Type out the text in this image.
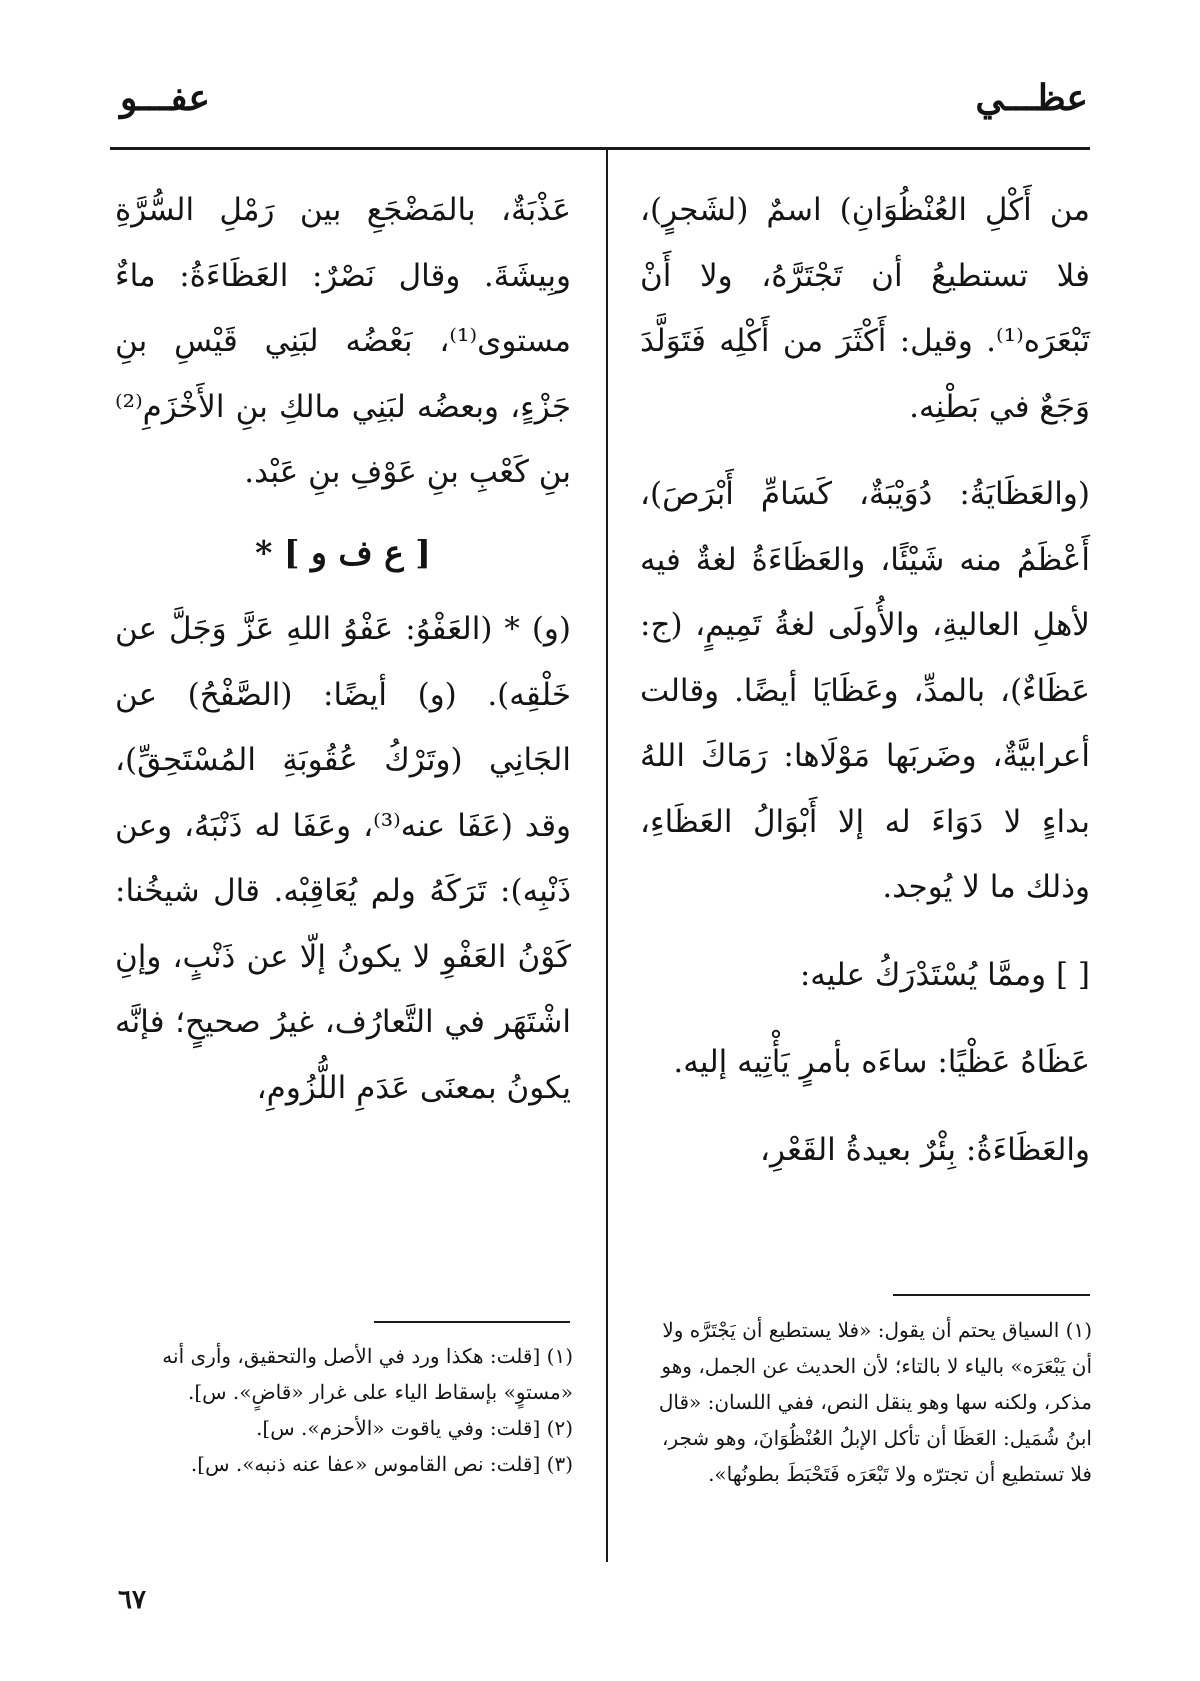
عظـــي
عفـــو

من أَكْلِ العُنْظُوَانِ) اسمٌ (لشَجرٍ)، فلا تستطيعُ أن تَجْتَرَّهُ، ولا أَنْ تَبْعَرَه⁽¹⁾. وقيل: أَكْثَرَ من أَكْلِه فَتَوَلَّدَ وَجَعٌ في بَطْنِه.

(والعَظَايَةُ: دُوَيْبَةٌ، كَسَامِّ أَبْرَصَ)، أَعْظَمُ منه شَيْئًا، والعَظَاءَةُ لغةٌ فيه لأهلِ العاليةِ، والأُولَى لغةُ تَمِيمٍ، (ج: عَظَاءٌ)، بالمدِّ، وعَظَايَا أيضًا. وقالت أعرابيَّةٌ، وضَربَها مَوْلَاها: رَمَاكَ اللهُ بداءٍ لا دَوَاءَ له إلا أَبْوَالُ العَظَاءِ، وذلك ما لا يُوجد.

[ ] وممَّا يُسْتَدْرَكُ عليه:

عَظَاهُ عَظْيًا: ساءَه بأمرٍ يَأْتِيه إليه.

والعَظَاءَةُ: بِئْرٌ بعيدةُ القَعْرِ،

عَذْبَةٌ، بالمَضْجَعِ بين رَمْلِ السُّرَّةِ وبِيشَةَ. وقال نَصْرٌ: العَظَاءَةُ: ماءٌ مستوى⁽¹⁾، بَعْضُه لبَنِي قَيْسِ بنِ جَزْءٍ، وبعضُه لبَنِي مالكِ بنِ الأَخْزَمِ⁽²⁾ بنِ كَعْبِ بنِ عَوْفِ بنِ عَبْد.

[ ع ف و ] *

(و) * (العَفْوُ: عَفْوُ اللهِ عَزَّ وَجَلَّ عن خَلْقِه). (و) أيضًا: (الصَّفْحُ) عن الجَانِي (وتَرْكُ عُقُوبَةِ المُسْتَحِقِّ)، وقد (عَفَا عنه⁽³⁾، وعَفَا له ذَنْبَهُ، وعن ذَنْبِه): تَرَكَهُ ولم يُعَاقِبْه. قال شيخُنا: كَوْنُ العَفْوِ لا يكونُ إلّا عن ذَنْبٍ، وإنِ اشْتَهَر في التَّعارُف، غيرُ صحيحٍ؛ فإنَّه يكونُ بمعنَى عَدَمِ اللُّزُومِ،

(١) السياق يحتم أن يقول: «فلا يستطيع أن يَجْتَرَّه ولا أن يَبْعَرَه» بالياء لا بالتاء؛ لأن الحديث عن الجمل، وهو مذكر، ولكنه سها وهو ينقل النص، ففي اللسان: «قال ابنُ شُمَيل: العَظَا أن تأكل الإبلُ العُنْظُوَانَ، وهو شجر، فلا تستطيع أن تجترّه ولا تَبْعَرَه فَتَحْبَطَ بطونُها».

(١) [قلت: هكذا ورد في الأصل والتحقيق، وأرى أنه «مستوٍ» بإسقاط الياء على غرار «قاضٍ». س].

(٢) [قلت: وفي ياقوت «الأحزم». س].

(٣) [قلت: نص القاموس «عفا عنه ذنبه». س].

٦٧
